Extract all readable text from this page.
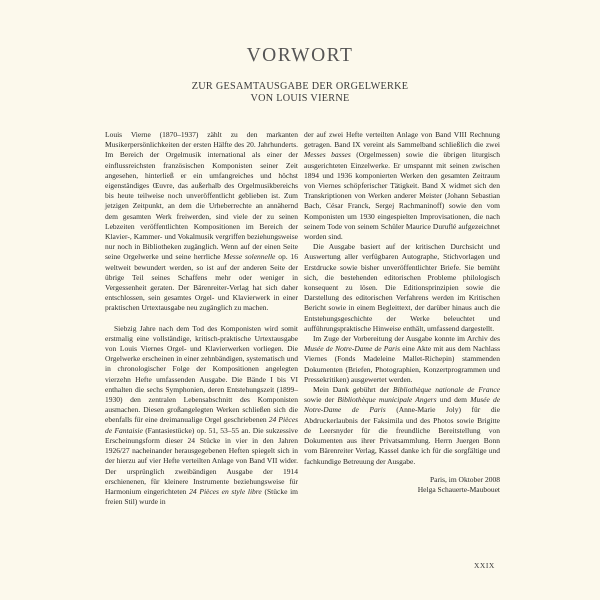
VORWORT
ZUR GESAMTAUSGABE DER ORGELWERKE
VON LOUIS VIERNE

Louis Vierne (1870–1937) zählt zu den markanten Musikerpersönlichkeiten der ersten Hälfte des 20. Jahrhunderts. Im Bereich der Orgelmusik international als einer der einflussreichsten französischen Komponisten seiner Zeit angesehen, hinterließ er ein umfangreiches und höchst eigenständiges Œuvre, das außerhalb des Orgelmusikbereichs bis heute teilweise noch unveröffentlicht geblieben ist. Zum jetzigen Zeitpunkt, an dem die Urheberrechte an annähernd dem gesamten Werk freiwerden, sind viele der zu seinen Lebzeiten veröffentlichten Kompositionen im Bereich der Klavier-, Kammer- und Vokalmusik vergriffen beziehungsweise nur noch in Bibliotheken zugänglich. Wenn auf der einen Seite seine Orgelwerke und seine herrliche Messe solennelle op. 16 weltweit bewundert werden, so ist auf der anderen Seite der übrige Teil seines Schaffens mehr oder weniger in Vergessenheit geraten. Der Bärenreiter-Verlag hat sich daher entschlossen, sein gesamtes Orgel- und Klavierwerk in einer praktischen Urtextausgabe neu zugänglich zu machen.

Siebzig Jahre nach dem Tod des Komponisten wird somit erstmalig eine vollständige, kritisch-praktische Urtextausgabe von Louis Viernes Orgel- und Klavierwerken vorliegen. Die Orgelwerke erscheinen in einer zehnbändigen, systematisch und in chronologischer Folge der Kompositionen angelegten vierzehn Hefte umfassenden Ausgabe. Die Bände I bis VI enthalten die sechs Symphonien, deren Entstehungszeit (1899–1930) den zentralen Lebensabschnitt des Komponisten ausmachen. Diesen großangelegten Werken schließen sich die ebenfalls für eine dreimanualige Orgel geschriebenen 24 Pièces de Fantaisie (Fantasiestücke) op. 51, 53–55 an. Die sukzessive Erscheinungsform dieser 24 Stücke in vier in den Jahren 1926/27 nacheinander herausgegebenen Heften spiegelt sich in der hierzu auf vier Hefte verteilten Anlage von Band VII wider. Der ursprünglich zweibändigen Ausgabe der 1914 erschienenen, für kleinere Instrumente beziehungsweise für Harmonium eingerichteten 24 Pièces en style libre (Stücke im freien Stil) wurde in

der auf zwei Hefte verteilten Anlage von Band VIII Rechnung getragen. Band IX vereint als Sammelband schließlich die zwei Messes basses (Orgelmessen) sowie die übrigen liturgisch ausgerichteten Einzelwerke. Er umspannt mit seinen zwischen 1894 und 1936 komponierten Werken den gesamten Zeitraum von Viernes schöpferischer Tätigkeit. Band X widmet sich den Transkriptionen von Werken anderer Meister (Johann Sebastian Bach, César Franck, Sergej Rachmaninoff) sowie den vom Komponisten um 1930 eingespielten Improvisationen, die nach seinem Tode von seinem Schüler Maurice Duruflé aufgezeichnet worden sind.

Die Ausgabe basiert auf der kritischen Durchsicht und Auswertung aller verfügbaren Autographe, Stichvorlagen und Erstdrucke sowie bisher unveröffentlichter Briefe. Sie bemüht sich, die bestehenden editorischen Probleme philologisch konsequent zu lösen. Die Editionsprinzipien sowie die Darstellung des editorischen Verfahrens werden im Kritischen Bericht sowie in einem Begleittext, der darüber hinaus auch die Entstehungsgeschichte der Werke beleuchtet und aufführungspraktische Hinweise enthält, umfassend dargestellt.

Im Zuge der Vorbereitung der Ausgabe konnte im Archiv des Musée de Notre-Dame de Paris eine Akte mit aus dem Nachlass Viernes (Fonds Madeleine Mallet-Richepin) stammenden Dokumenten (Briefen, Photographien, Konzertprogrammen und Pressekritiken) ausgewertet werden.

Mein Dank gebührt der Bibliothèque nationale de France sowie der Bibliothèque municipale Angers und dem Musée de Notre-Dame de Paris (Anne-Marie Joly) für die Abdruckerlaubnis der Faksimila und des Photos sowie Brigitte de Leersnyder für die freundliche Bereitstellung von Dokumenten aus ihrer Privatsammlung. Herrn Juergen Bonn vom Bärenreiter Verlag, Kassel danke ich für die sorgfältige und fachkundige Betreuung der Ausgabe.

Paris, im Oktober 2008
Helga Schauerte-Maubouet
XXIX
